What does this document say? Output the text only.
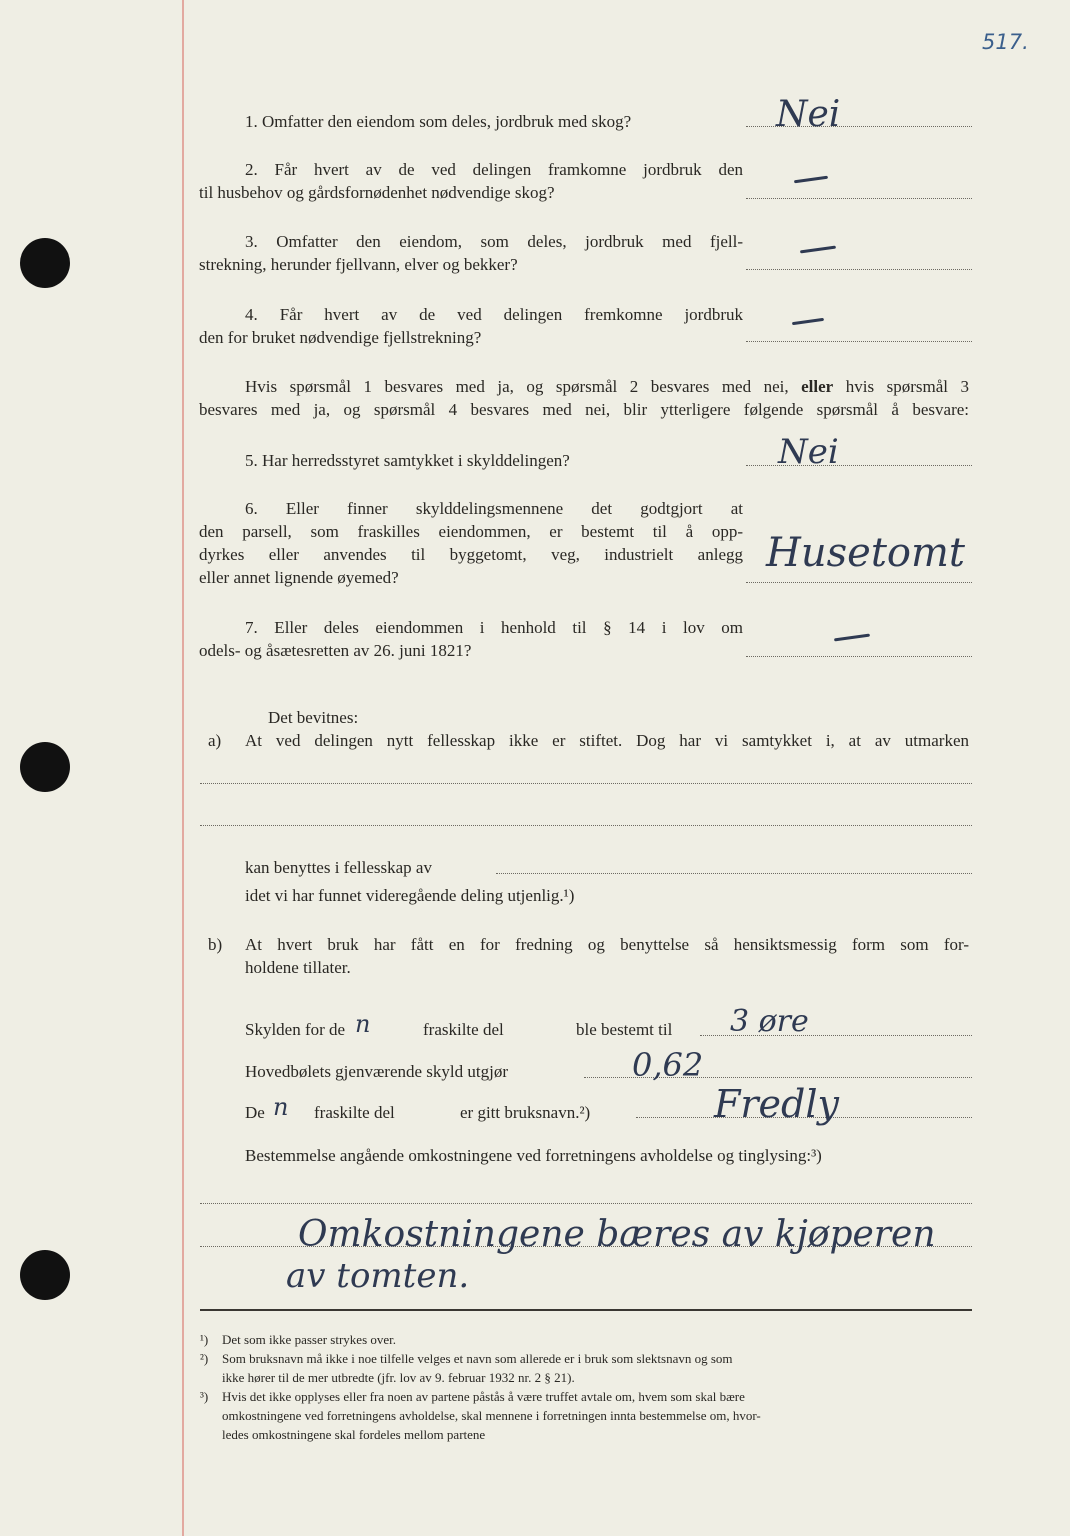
517.
1. Omfatter den eiendom som deles, jordbruk med skog?	Nei
2. Får hvert av de ved delingen framkomne jordbruk den
til husbehov og gårdsfornødenhet nødvendige skog?
3. Omfatter den eiendom, som deles, jordbruk med fjell-
strekning, herunder fjellvann, elver og bekker?
4. Får hvert av de ved delingen fremkomne jordbruk
den for bruket nødvendige fjellstrekning?
Hvis spørsmål 1 besvares med ja, og spørsmål 2 besvares med nei, eller hvis spørsmål 3
besvares med ja, og spørsmål 4 besvares med nei, blir ytterligere følgende spørsmål å besvare:
5. Har herredsstyret samtykket i skylddelingen?	Nei
6. Eller finner skylddelingsmennene det godtgjort at
den parsell, som fraskilles eiendommen, er bestemt til å opp-
dyrkes eller anvendes til byggetomt, veg, industrielt anlegg
eller annet lignende øyemed?
Husetomt
7. Eller deles eiendommen i henhold til § 14 i lov om
odels- og åsætesretten av 26. juni 1821?
Det bevitnes:
a) At ved delingen nytt fellesskap ikke er stiftet. Dog har vi samtykket i, at av utmarken
kan benyttes i fellesskap av
idet vi har funnet videregående deling utjenlig.¹)
b) At hvert bruk har fått en for fredning og benyttelse så hensiktsmessig form som for-
holdene tillater.
Skylden for de n	fraskilte del	ble bestemt til 3 øre
Hovedbølets gjenværende skyld utgjør	0,62
De n fraskilte del	er gitt bruksnavn.²)	Fredly
Bestemmelse angående omkostningene ved forretningens avholdelse og tinglysing:³)
Omkostningene bæres av kjøperen
av tomten.
¹) Det som ikke passer strykes over.
²) Som bruksnavn må ikke i noe tilfelle velges et navn som allerede er i bruk som slektsnavn og som
ikke hører til de mer utbredte (jfr. lov av 9. februar 1932 nr. 2 § 21).
³) Hvis det ikke opplyses eller fra noen av partene påstås å være truffet avtale om, hvem som skal bære
omkostningene ved forretningens avholdelse, skal mennene i forretningen innta bestemmelse om, hvor-
ledes omkostningene skal fordeles mellom partene
